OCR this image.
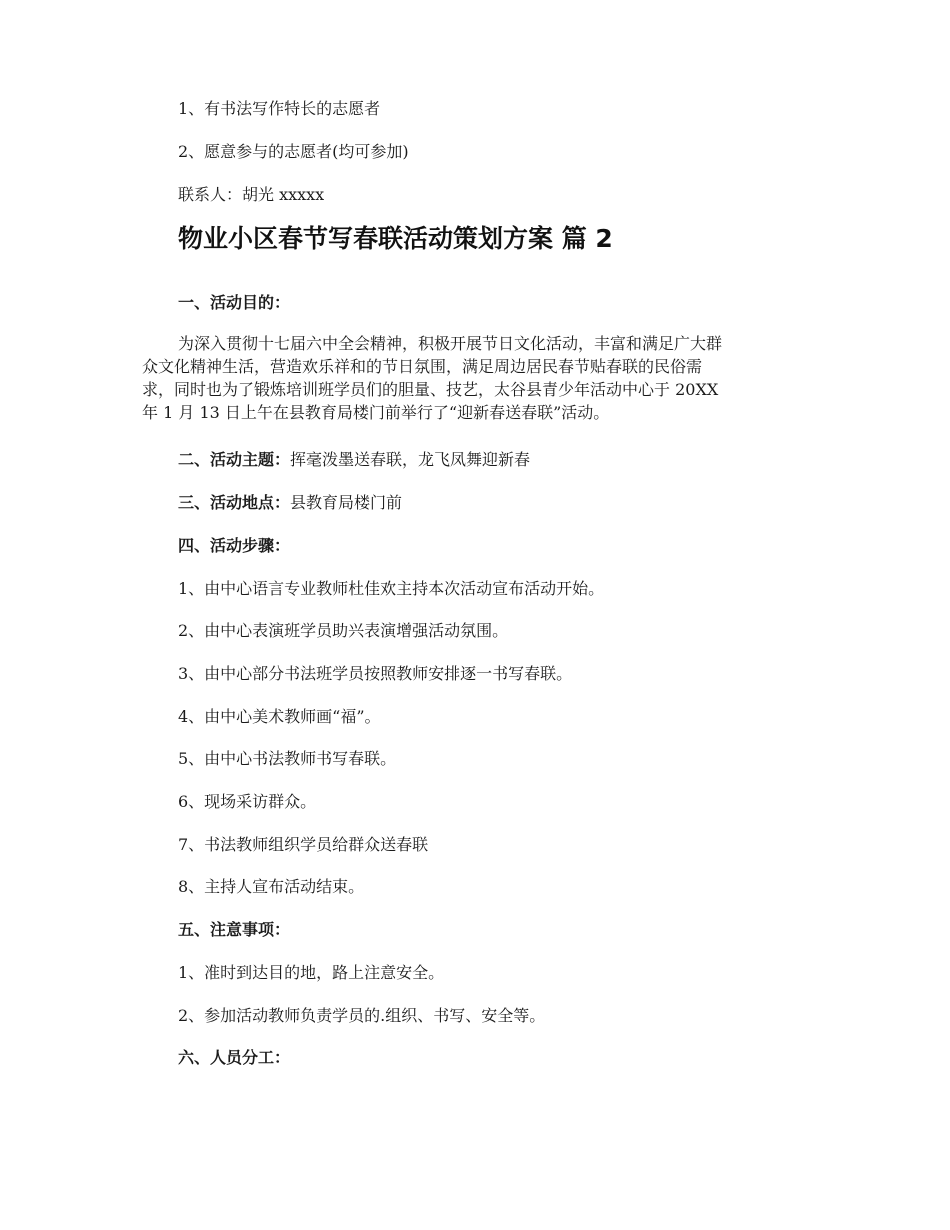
1、有书法写作特长的志愿者
2、愿意参与的志愿者(均可参加)
联系人：胡光 xxxxx
物业小区春节写春联活动策划方案 篇 2
一、活动目的：
为深入贯彻十七届六中全会精神，积极开展节日文化活动，丰富和满足广大群
众文化精神生活，营造欢乐祥和的节日氛围，满足周边居民春节贴春联的民俗需
求，同时也为了锻炼培训班学员们的胆量、技艺，太谷县青少年活动中心于 20XX
年 1 月 13 日上午在县教育局楼门前举行了“迎新春送春联”活动。
二、活动主题：挥毫泼墨送春联，龙飞凤舞迎新春
三、活动地点：县教育局楼门前
四、活动步骤：
1、由中心语言专业教师杜佳欢主持本次活动宣布活动开始。
2、由中心表演班学员助兴表演增强活动氛围。
3、由中心部分书法班学员按照教师安排逐一书写春联。
4、由中心美术教师画“福”。
5、由中心书法教师书写春联。
6、现场采访群众。
7、书法教师组织学员给群众送春联
8、主持人宣布活动结束。
五、注意事项：
1、准时到达目的地，路上注意安全。
2、参加活动教师负责学员的.组织、书写、安全等。
六、人员分工：
